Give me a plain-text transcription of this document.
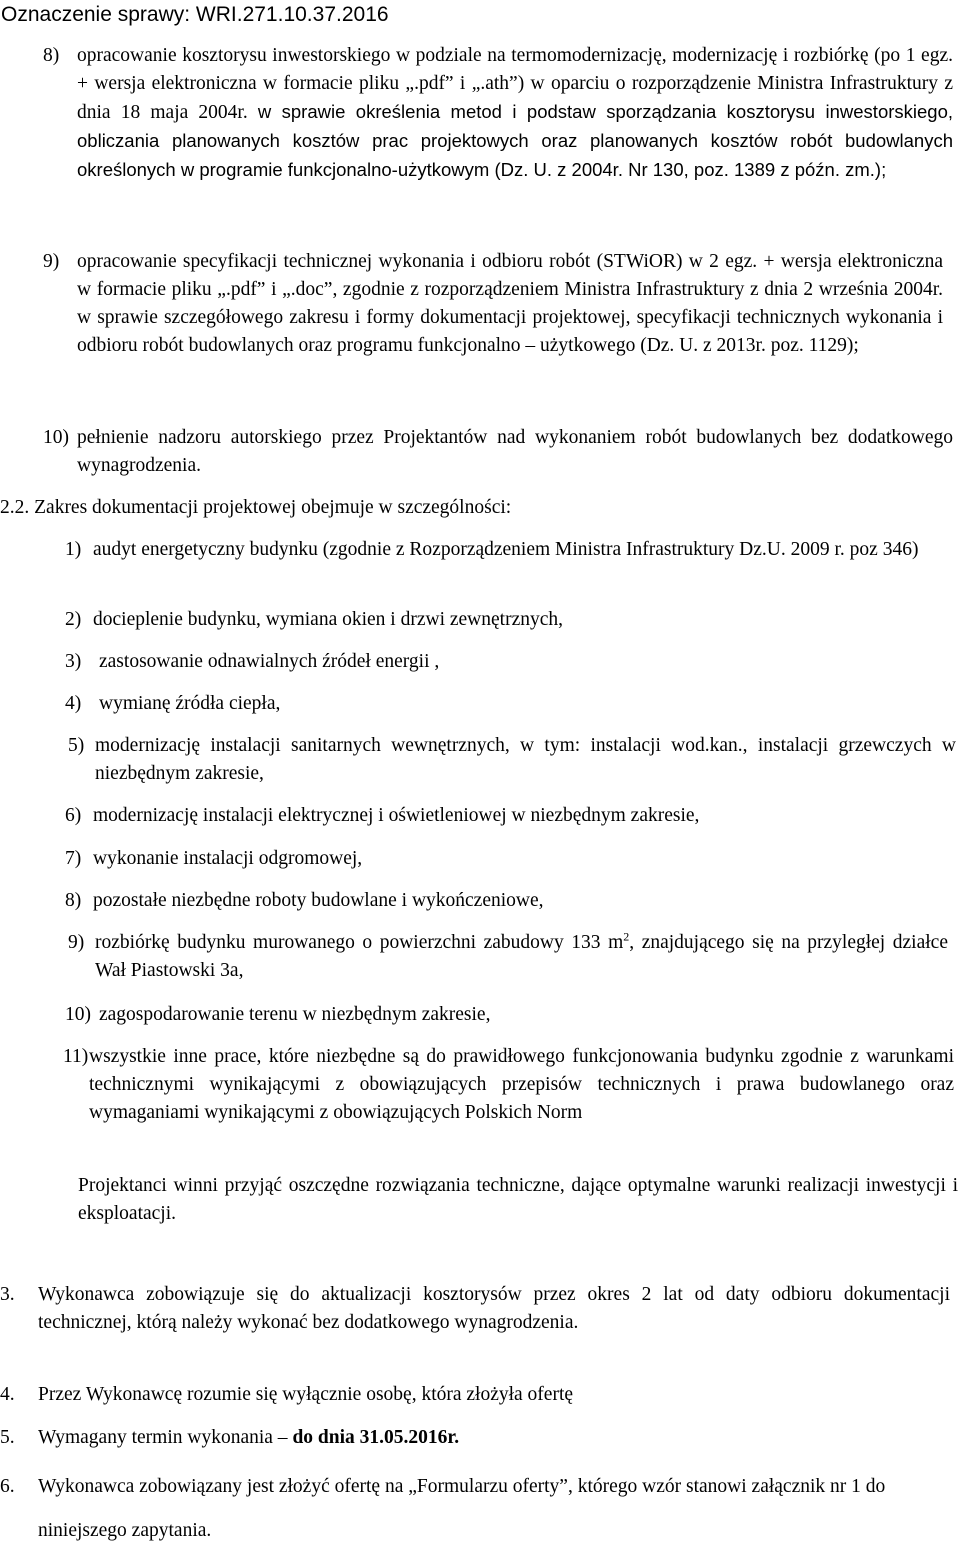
Oznaczenie sprawy: WRI.271.10.37.2016
8) opracowanie kosztorysu inwestorskiego w podziale na termomodernizację, modernizację i rozbiórkę (po 1 egz. + wersja elektroniczna w formacie pliku „.pdf” i „.ath”) w oparciu o rozporządzenie Ministra Infrastruktury z dnia 18 maja 2004r. w sprawie określenia metod i podstaw sporządzania kosztorysu inwestorskiego, obliczania planowanych kosztów prac projektowych oraz planowanych kosztów robót budowlanych określonych w programie funkcjonalno-użytkowym (Dz. U. z 2004r. Nr 130, poz. 1389 z późn. zm.);
9) opracowanie specyfikacji technicznej wykonania i odbioru robót (STWiOR) w 2 egz. + wersja elektroniczna w formacie pliku „.pdf” i „.doc”, zgodnie z rozporządzeniem Ministra Infrastruktury z dnia 2 września 2004r. w sprawie szczegółowego zakresu i formy dokumentacji projektowej, specyfikacji technicznych wykonania i odbioru robót budowlanych oraz programu funkcjonalno – użytkowego (Dz. U. z 2013r. poz. 1129);
10) pełnienie nadzoru autorskiego przez Projektantów nad wykonaniem robót budowlanych bez dodatkowego wynagrodzenia.
2.2. Zakres dokumentacji projektowej obejmuje w szczególności:
1) audyt energetyczny budynku (zgodnie z Rozporządzeniem Ministra Infrastruktury Dz.U. 2009 r. poz 346)
2) docieplenie budynku, wymiana okien i drzwi zewnętrznych,
3) zastosowanie odnawialnych źródeł energii ,
4) wymianę źródła ciepła,
5) modernizację instalacji sanitarnych wewnętrznych, w tym: instalacji wod.kan., instalacji grzewczych w niezbędnym zakresie,
6) modernizację instalacji elektrycznej i oświetleniowej w niezbędnym zakresie,
7) wykonanie instalacji odgromowej,
8) pozostałe niezbędne roboty budowlane i wykończeniowe,
9) rozbiórkę budynku murowanego o powierzchni zabudowy 133 $m^2$, znajdującego się na przyległej działce Wał Piastowski 3a,
10) zagospodarowanie terenu w niezbędnym zakresie,
11) wszystkie inne prace, które niezbędne są do prawidłowego funkcjonowania budynku zgodnie z warunkami technicznymi wynikającymi z obowiązujących przepisów technicznych i prawa budowlanego oraz wymaganiami wynikającymi z obowiązujących Polskich Norm
Projektanci winni przyjąć oszczędne rozwiązania techniczne, dające optymalne warunki realizacji inwestycji i eksploatacji.
3. Wykonawca zobowiązuje się do aktualizacji kosztorysów przez okres 2 lat od daty odbioru dokumentacji technicznej, którą należy wykonać bez dodatkowego wynagrodzenia.
4. Przez Wykonawcę rozumie się wyłącznie osobę, która złożyła ofertę
5. Wymagany termin wykonania – do dnia 31.05.2016r.
6. Wykonawca zobowiązany jest złożyć ofertę na „Formularzu oferty”, którego wzór stanowi załącznik nr 1 do niniejszego zapytania.
